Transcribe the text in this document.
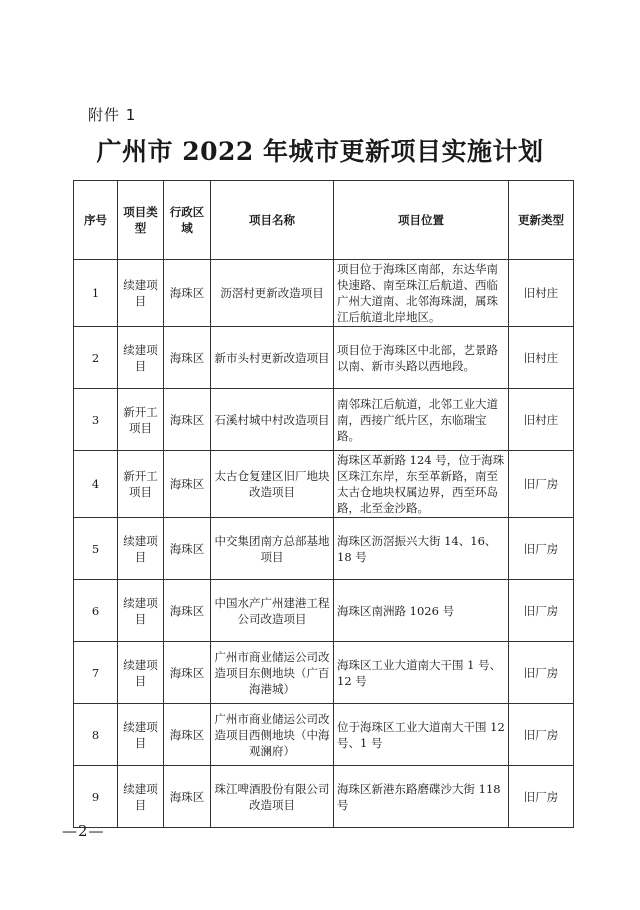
附件 1
广州市 2022 年城市更新项目实施计划
序号	项目类型	行政区域	项目名称	项目位置	更新类型
1	续建项目	海珠区	沥滘村更新改造项目	项目位于海珠区南部，东达华南快速路、南至珠江后航道、西临广州大道南、北邻海珠湖，属珠江后航道北岸地区。	旧村庄
2	续建项目	海珠区	新市头村更新改造项目	项目位于海珠区中北部，艺景路以南、新市头路以西地段。	旧村庄
3	新开工项目	海珠区	石溪村城中村改造项目	南邻珠江后航道，北邻工业大道南，西接广纸片区，东临瑞宝路。	旧村庄
4	新开工项目	海珠区	太古仓复建区旧厂地块改造项目	海珠区革新路 124 号，位于海珠区珠江东岸，东至革新路，南至太古仓地块权属边界，西至环岛路，北至金沙路。	旧厂房
5	续建项目	海珠区	中交集团南方总部基地项目	海珠区沥滘振兴大街 14、16、18 号	旧厂房
6	续建项目	海珠区	中国水产广州建港工程公司改造项目	海珠区南洲路 1026 号	旧厂房
7	续建项目	海珠区	广州市商业储运公司改造项目东侧地块（广百海港城）	海珠区工业大道南大干围 1 号、12 号	旧厂房
8	续建项目	海珠区	广州市商业储运公司改造项目西侧地块（中海观澜府）	位于海珠区工业大道南大干围 12 号、1 号	旧厂房
9	续建项目	海珠区	珠江啤酒股份有限公司改造项目	海珠区新港东路磨碟沙大街 118 号	旧厂房
—2—
